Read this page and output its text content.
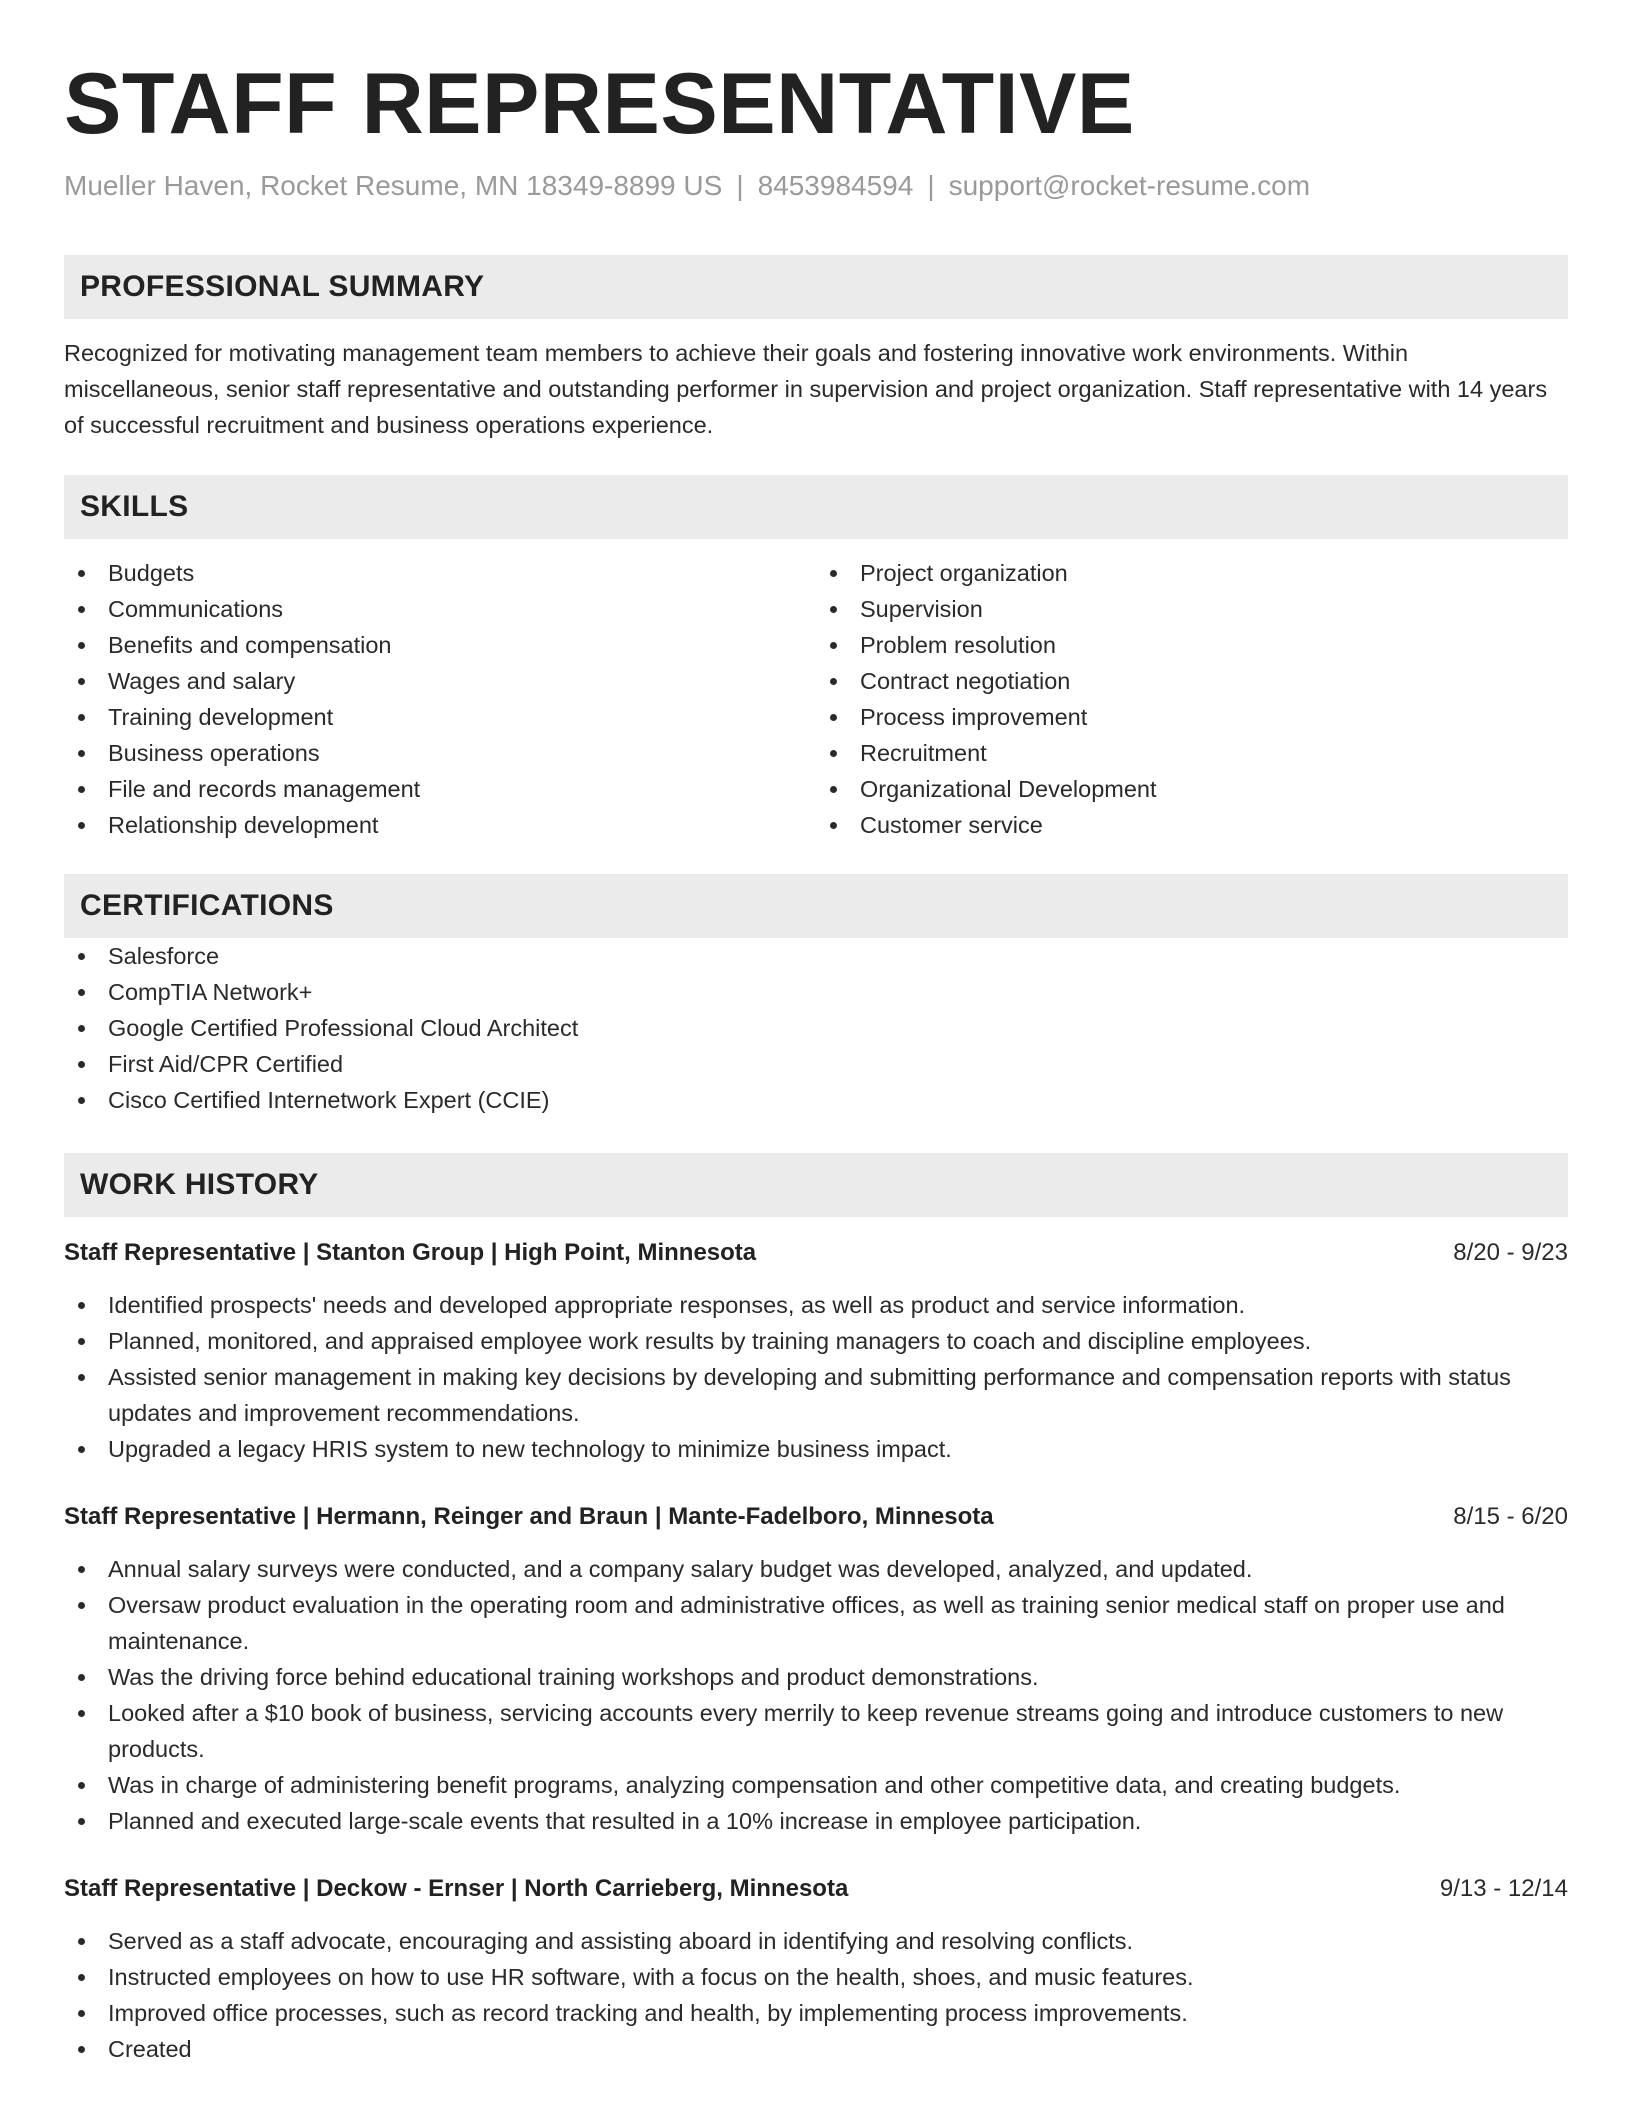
STAFF REPRESENTATIVE
Mueller Haven, Rocket Resume, MN 18349-8899 US | 8453984594 | support@rocket-resume.com
PROFESSIONAL SUMMARY

Recognized for motivating management team members to achieve their goals and fostering innovative work environments. Within miscellaneous, senior staff representative and outstanding performer in supervision and project organization. Staff representative with 14 years of successful recruitment and business operations experience.

SKILLS
Budgets
Communications
Benefits and compensation
Wages and salary
Training development
Business operations
File and records management
Relationship development
Project organization
Supervision
Problem resolution
Contract negotiation
Process improvement
Recruitment
Organizational Development
Customer service
CERTIFICATIONS
Salesforce
CompTIA Network+
Google Certified Professional Cloud Architect
First Aid/CPR Certified
Cisco Certified Internetwork Expert (CCIE)
WORK HISTORY
Staff Representative | Stanton Group | High Point, Minnesota	8/20 - 9/23
Identified prospects' needs and developed appropriate responses, as well as product and service information.
Planned, monitored, and appraised employee work results by training managers to coach and discipline employees.
Assisted senior management in making key decisions by developing and submitting performance and compensation reports with status updates and improvement recommendations.
Upgraded a legacy HRIS system to new technology to minimize business impact.
Staff Representative | Hermann, Reinger and Braun | Mante-Fadelboro, Minnesota	8/15 - 6/20
Annual salary surveys were conducted, and a company salary budget was developed, analyzed, and updated.
Oversaw product evaluation in the operating room and administrative offices, as well as training senior medical staff on proper use and maintenance.
Was the driving force behind educational training workshops and product demonstrations.
Looked after a $10 book of business, servicing accounts every merrily to keep revenue streams going and introduce customers to new products.
Was in charge of administering benefit programs, analyzing compensation and other competitive data, and creating budgets.
Planned and executed large-scale events that resulted in a 10% increase in employee participation.
Staff Representative | Deckow - Ernser | North Carrieberg, Minnesota	9/13 - 12/14
Served as a staff advocate, encouraging and assisting aboard in identifying and resolving conflicts.
Instructed employees on how to use HR software, with a focus on the health, shoes, and music features.
Improved office processes, such as record tracking and health, by implementing process improvements.
Created
